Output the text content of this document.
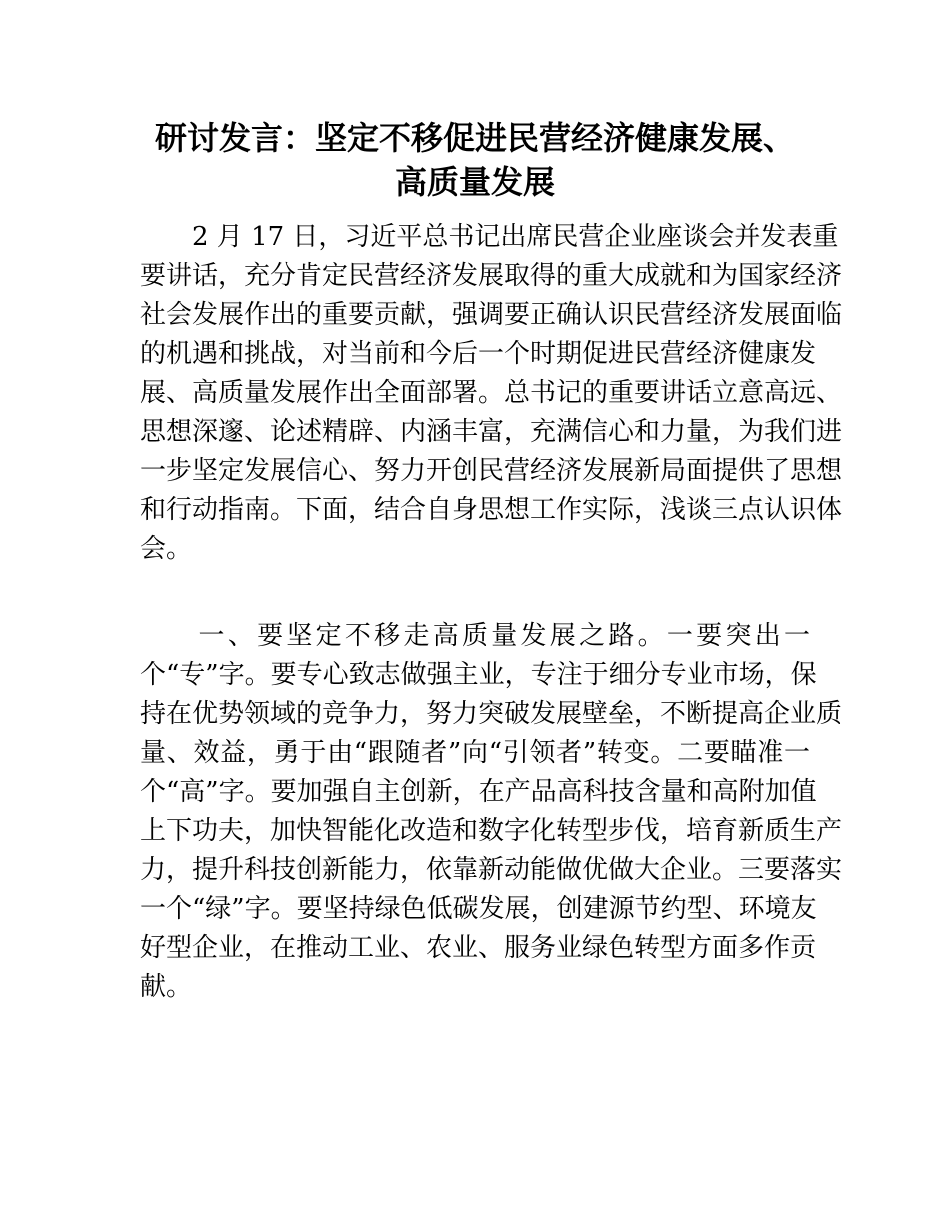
研讨发言：坚定不移促进民营经济健康发展、
高质量发展
　　2 月 17 日，习近平总书记出席民营企业座谈会并发表重
要讲话，充分肯定民营经济发展取得的重大成就和为国家经济
社会发展作出的重要贡献，强调要正确认识民营经济发展面临
的机遇和挑战，对当前和今后一个时期促进民营经济健康发
展、高质量发展作出全面部署。总书记的重要讲话立意高远、
思想深邃、论述精辟、内涵丰富，充满信心和力量，为我们进
一步坚定发展信心、努力开创民营经济发展新局面提供了思想
和行动指南。下面，结合自身思想工作实际，浅谈三点认识体
会。
　　一、要坚定不移走高质量发展之路。一要突出一
个“专”字。要专心致志做强主业，专注于细分专业市场，保
持在优势领域的竞争力，努力突破发展壁垒，不断提高企业质
量、效益，勇于由“跟随者”向“引领者”转变。二要瞄准一
个“高”字。要加强自主创新，在产品高科技含量和高附加值
上下功夫，加快智能化改造和数字化转型步伐，培育新质生产
力，提升科技创新能力，依靠新动能做优做大企业。三要落实
一个“绿”字。要坚持绿色低碳发展，创建源节约型、环境友
好型企业，在推动工业、农业、服务业绿色转型方面多作贡
献。
